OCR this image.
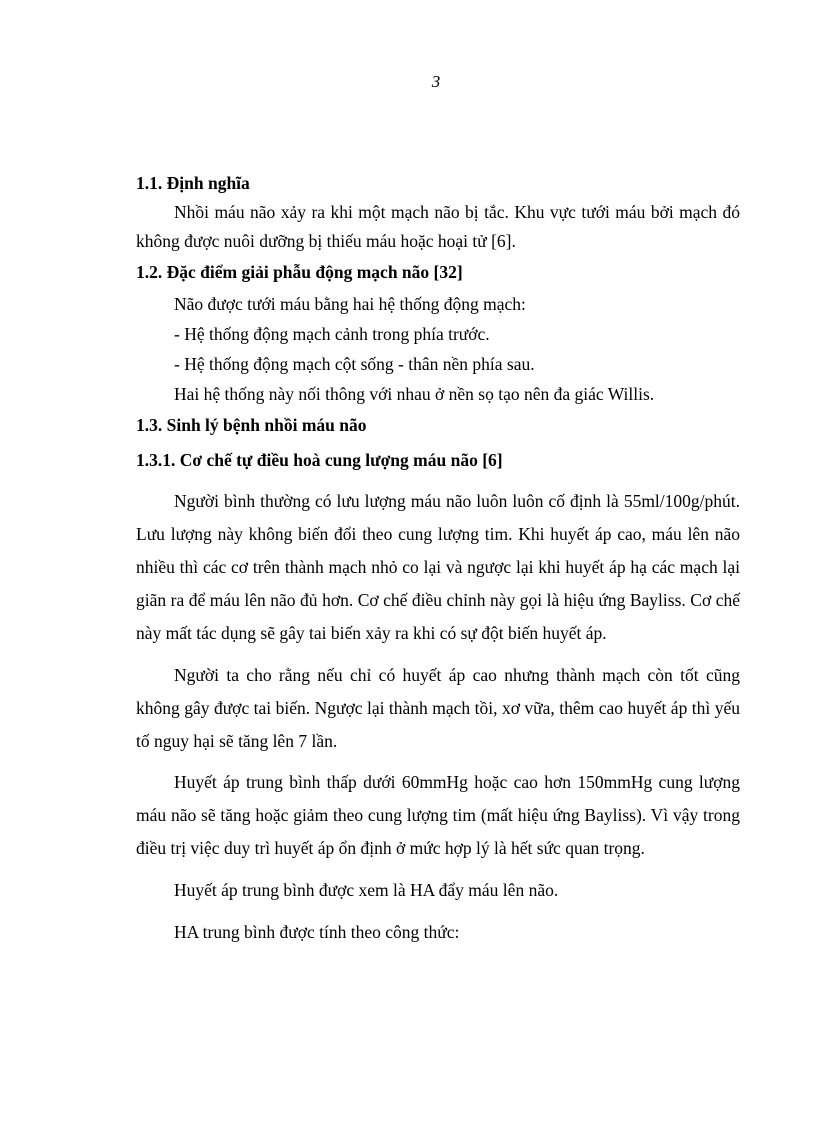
3
1.1. Định nghĩa

Nhồi máu não xảy ra khi một mạch não bị tắc. Khu vực tưới máu bởi mạch đó không được nuôi dưỡng bị thiếu máu hoặc hoại tử [6].

1.2. Đặc điểm giải phẫu động mạch não [32]
Não được tưới máu bằng hai hệ thống động mạch:
- Hệ thống động mạch cảnh trong phía trước.
- Hệ thống động mạch cột sống - thân nền phía sau.
Hai hệ thống này nối thông với nhau ở nền sọ tạo nên đa giác Willis.
1.3. Sinh lý bệnh nhồi máu não
1.3.1. Cơ chế tự điều hoà cung lượng máu não [6]

Người bình thường có lưu lượng máu não luôn luôn cố định là 55ml/100g/phút. Lưu lượng này không biến đổi theo cung lượng tim. Khi huyết áp cao, máu lên não nhiều thì các cơ trên thành mạch nhỏ co lại và ngược lại khi huyết áp hạ các mạch lại giãn ra để máu lên não đủ hơn. Cơ chế điều chỉnh này gọi là hiệu ứng Bayliss. Cơ chế này mất tác dụng sẽ gây tai biến xảy ra khi có sự đột biến huyết áp.

Người ta cho rằng nếu chỉ có huyết áp cao nhưng thành mạch còn tốt cũng không gây được tai biến. Ngược lại thành mạch tồi, xơ vữa, thêm cao huyết áp thì yếu tố nguy hại sẽ tăng lên 7 lần.

Huyết áp trung bình thấp dưới 60mmHg hoặc cao hơn 150mmHg cung lượng máu não sẽ tăng hoặc giảm theo cung lượng tim (mất hiệu ứng Bayliss). Vì vậy trong điều trị việc duy trì huyết áp ổn định ở mức hợp lý là hết sức quan trọng.

Huyết áp trung bình được xem là HA đẩy máu lên não.

HA trung bình được tính theo công thức:
